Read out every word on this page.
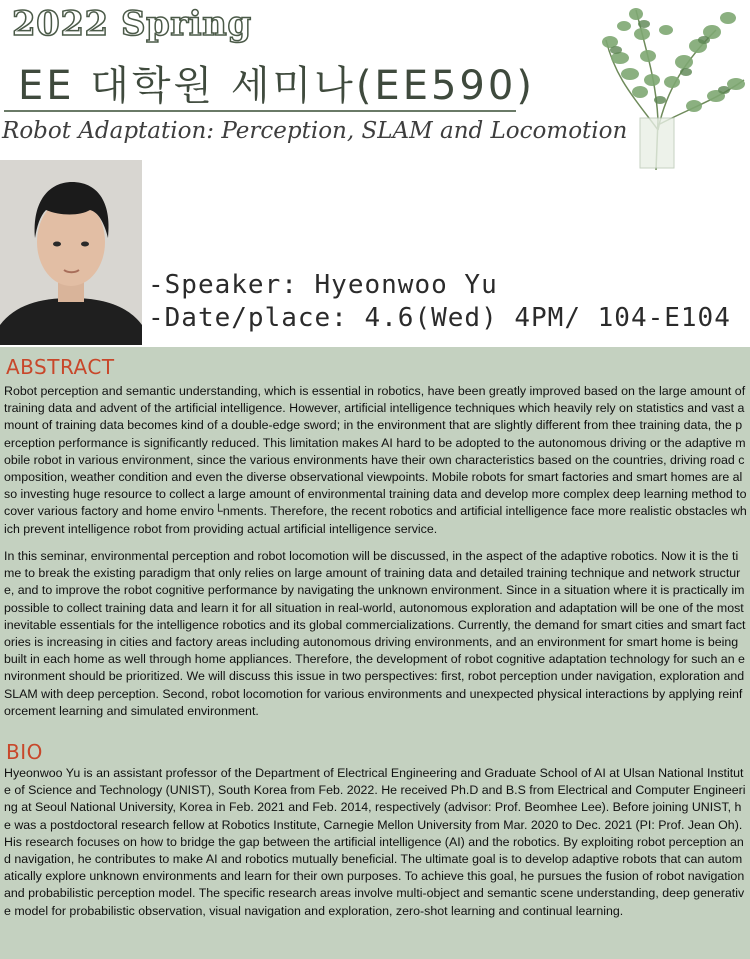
2022 Spring
EE 대학원 세미나(EE590)
Robot Adaptation: Perception, SLAM and Locomotion
-Speaker: Hyeonwoo Yu
-Date/place: 4.6(Wed) 4PM/ 104-E104
ABSTRACT

Robot perception and semantic understanding, which is essential in robotics, have been greatly improved based on the large amount of training data and advent of the artificial intelligence. However, artificial intelligence techniques which heavily rely on statistics and vast amount of training data becomes kind of a double-edge sword; in the environment that are slightly different from thee training data, the perception performance is significantly reduced. This limitation makes AI hard to be adopted to the autonomous driving or the adaptive mobile robot in various environment, since the various environments have their own characteristics based on the countries, driving road composition, weather condition and even the diverse observational viewpoints. Mobile robots for smart factories and smart homes are also investing huge resource to collect a large amount of environmental training data and develop more complex deep learning method to cover various factory and home enviro└nments. Therefore, the recent robotics and artificial intelligence face more realistic obstacles which prevent intelligence robot from providing actual artificial intelligence service.

In this seminar, environmental perception and robot locomotion will be discussed, in the aspect of the adaptive robotics. Now it is the time to break the existing paradigm that only relies on large amount of training data and detailed training technique and network structure, and to improve the robot cognitive performance by navigating the unknown environment. Since in a situation where it is practically impossible to collect training data and learn it for all situation in real-world, autonomous exploration and adaptation will be one of the most inevitable essentials for the intelligence robotics and its global commercializations. Currently, the demand for smart cities and smart factories is increasing in cities and factory areas including autonomous driving environments, and an environment for smart home is being built in each home as well through home appliances. Therefore, the development of robot cognitive adaptation technology for such an environment should be prioritized. We will discuss this issue in two perspectives: first, robot perception under navigation, exploration and SLAM with deep perception. Second, robot locomotion for various environments and unexpected physical interactions by applying reinforcement learning and simulated environment.

BIO

Hyeonwoo Yu is an assistant professor of the Department of Electrical Engineering and Graduate School of AI at Ulsan National Institute of Science and Technology (UNIST), South Korea from Feb. 2022. He received Ph.D and B.S from Electrical and Computer Engineering at Seoul National University, Korea in Feb. 2021 and Feb. 2014, respectively (advisor: Prof. Beomhee Lee). Before joining UNIST, he was a postdoctoral research fellow at Robotics Institute, Carnegie Mellon University from Mar. 2020 to Dec. 2021 (PI: Prof. Jean Oh). His research focuses on how to bridge the gap between the artificial intelligence (AI) and the robotics. By exploiting robot perception and navigation, he contributes to make AI and robotics mutually beneficial. The ultimate goal is to develop adaptive robots that can automatically explore unknown environments and learn for their own purposes. To achieve this goal, he pursues the fusion of robot navigation and probabilistic perception model. The specific research areas involve multi-object and semantic scene understanding, deep generative model for probabilistic observation, visual navigation and exploration, zero-shot learning and continual learning.
